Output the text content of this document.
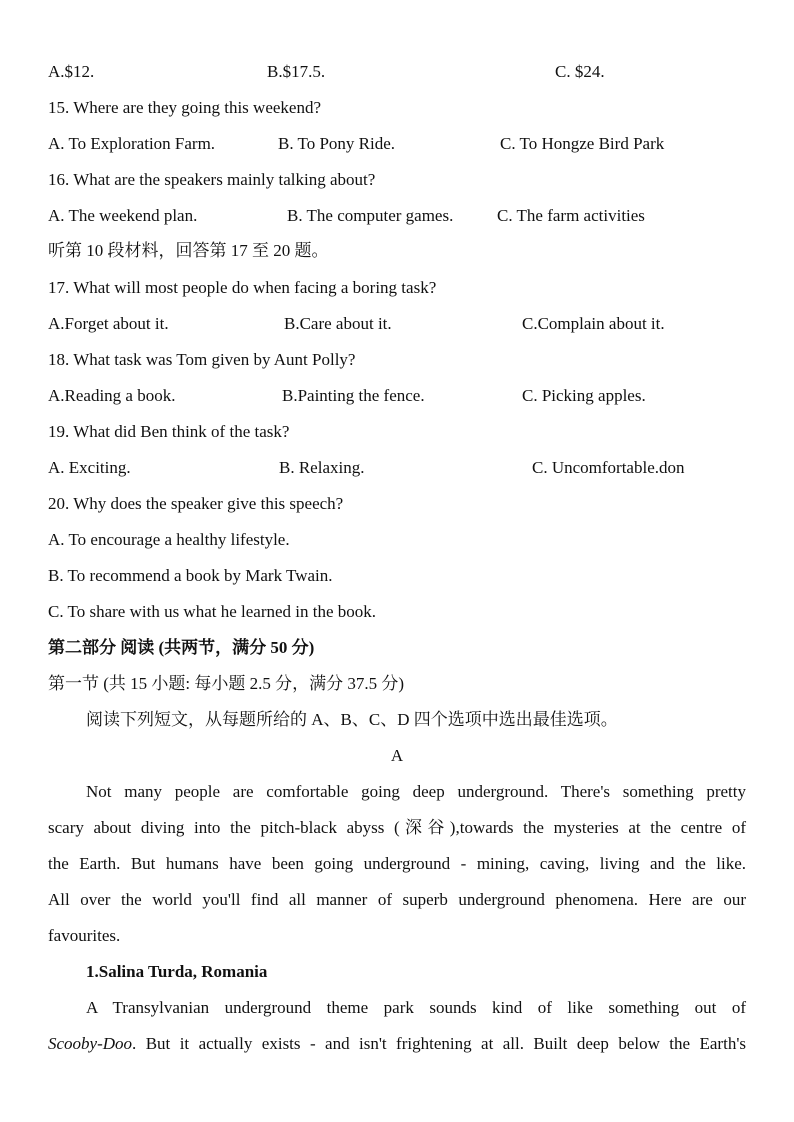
A.$12.	B.$17.5.	C. $24.
15. Where are they going this weekend?
A. To Exploration Farm.	B. To Pony Ride.	C. To Hongze Bird Park
16. What are the speakers mainly talking about?
A. The weekend plan.	B. The computer games.	C. The farm activities
听第 10 段材料，回答第 17 至 20 题。
17. What will most people do when facing a boring task?
A.Forget about it.	B.Care about it.	C.Complain about it.
18. What task was Tom given by Aunt Polly?
A.Reading a book.	B.Painting the fence.	C. Picking apples.
19. What did Ben think of the task?
A. Exciting.	B. Relaxing.	C. Uncomfortable.don
20. Why does the speaker give this speech?
A. To encourage a healthy lifestyle.
B. To recommend a book by Mark Twain.
C. To share with us what he learned in the book.
第二部分 阅读 (共两节，满分 50 分)
第一节 (共 15 小题: 每小题 2.5 分，满分 37.5 分)
阅读下列短文，从每题所给的 A、B、C、D 四个选项中选出最佳选项。
A
Not many people are comfortable going deep underground. There's something pretty
scary about diving into the pitch-black abyss (深谷),towards the mysteries at the centre of
the Earth. But humans have been going underground - mining, caving, living and the like.
All over the world you'll find all manner of superb underground phenomena. Here are our
favourites.
1.Salina Turda, Romania
A Transylvanian underground theme park sounds kind of like something out of
Scooby-Doo. But it actually exists - and isn't frightening at all. Built deep below the Earth's
